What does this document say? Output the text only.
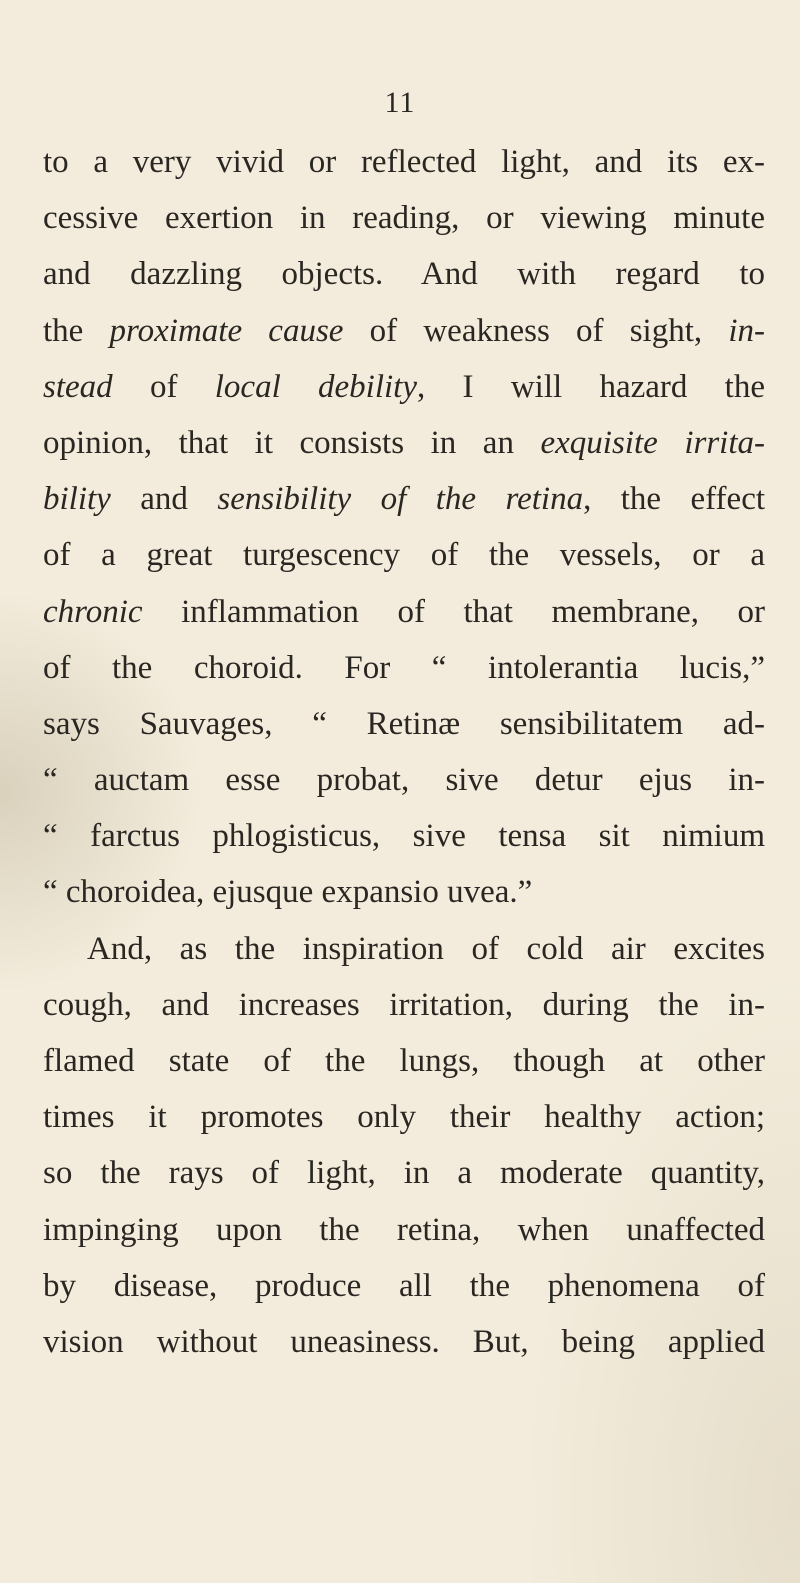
11
to a very vivid or reflected light, and its ex-
cessive exertion in reading, or viewing minute
and dazzling objects. And with regard to
the proximate cause of weakness of sight, in-
stead of local debility, I will hazard the
opinion, that it consists in an exquisite irrita-
bility and sensibility of the retina, the effect
of a great turgescency of the vessels, or a
chronic inflammation of that membrane, or
of the choroid. For “ intolerantia lucis,”
says Sauvages, “ Retinæ sensibilitatem ad-
“ auctam esse probat, sive detur ejus in-
“ farctus phlogisticus, sive tensa sit nimium
“ choroidea, ejusque expansio uvea.”
And, as the inspiration of cold air excites
cough, and increases irritation, during the in-
flamed state of the lungs, though at other
times it promotes only their healthy action;
so the rays of light, in a moderate quantity,
impinging upon the retina, when unaffected
by disease, produce all the phenomena of
vision without uneasiness. But, being applied
